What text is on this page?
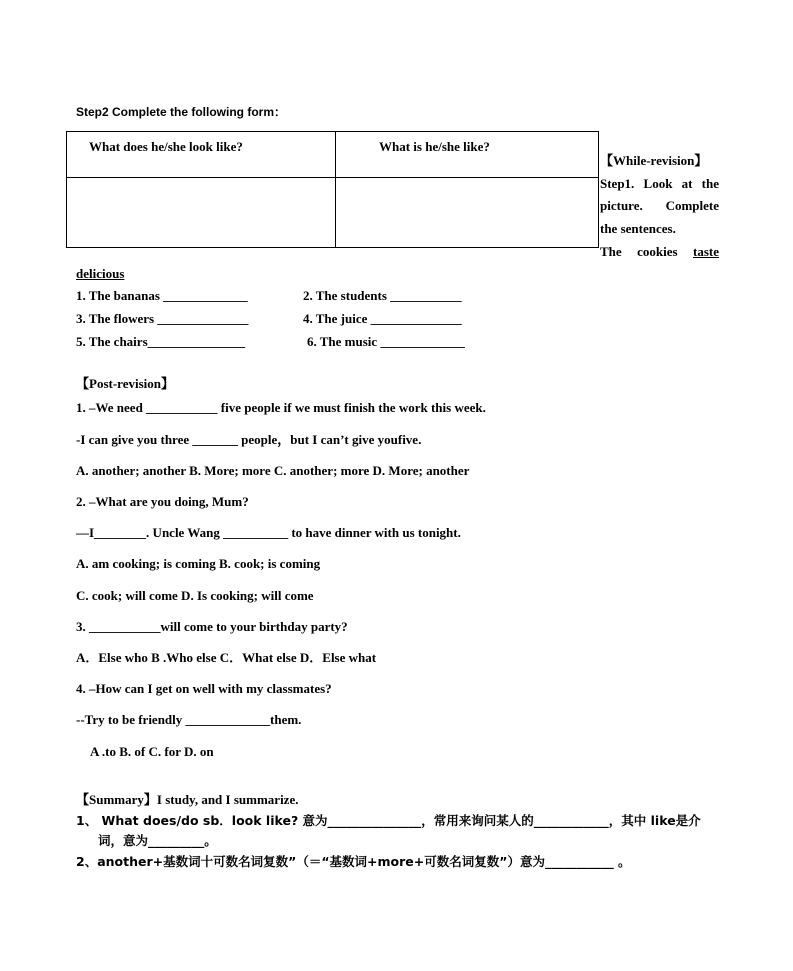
Step2 Complete the following form：
What does he/she look like?	What is he/she like?

【While-revision】
Step1. Look at the
picture. Complete
the sentences.
The cookies taste
delicious
1. The bananas _____________	2. The students ___________
3. The flowers ______________	4. The juice ______________
5. The chairs_______________	6. The music _____________
【Post-revision】
1. –We need ___________ five people if we must finish the work this week.
-I can give you three _______ people，but I can’t give youfive.
A. another; another B. More; more C. another; more D. More; another
2. –What are you doing, Mum?
—I________. Uncle Wang __________ to have dinner with us tonight.
A. am cooking; is coming B. cook; is coming
C. cook; will come D. Is cooking; will come
3. ___________will come to your birthday party?
A．Else who B .Who else C．What else D．Else what
4. –How can I get on well with my classmates?
--Try to be friendly _____________them.
A .to B. of C. for D. on
【Summary】I study, and I summarize.
1、 What does/do sb．look like? 意为_______________，常用来询问某人的____________，其中 like是介
词，意为_________。
2、another+基数词十可数名词复数”（＝“基数词+more+可数名词复数”）意为___________ 。
